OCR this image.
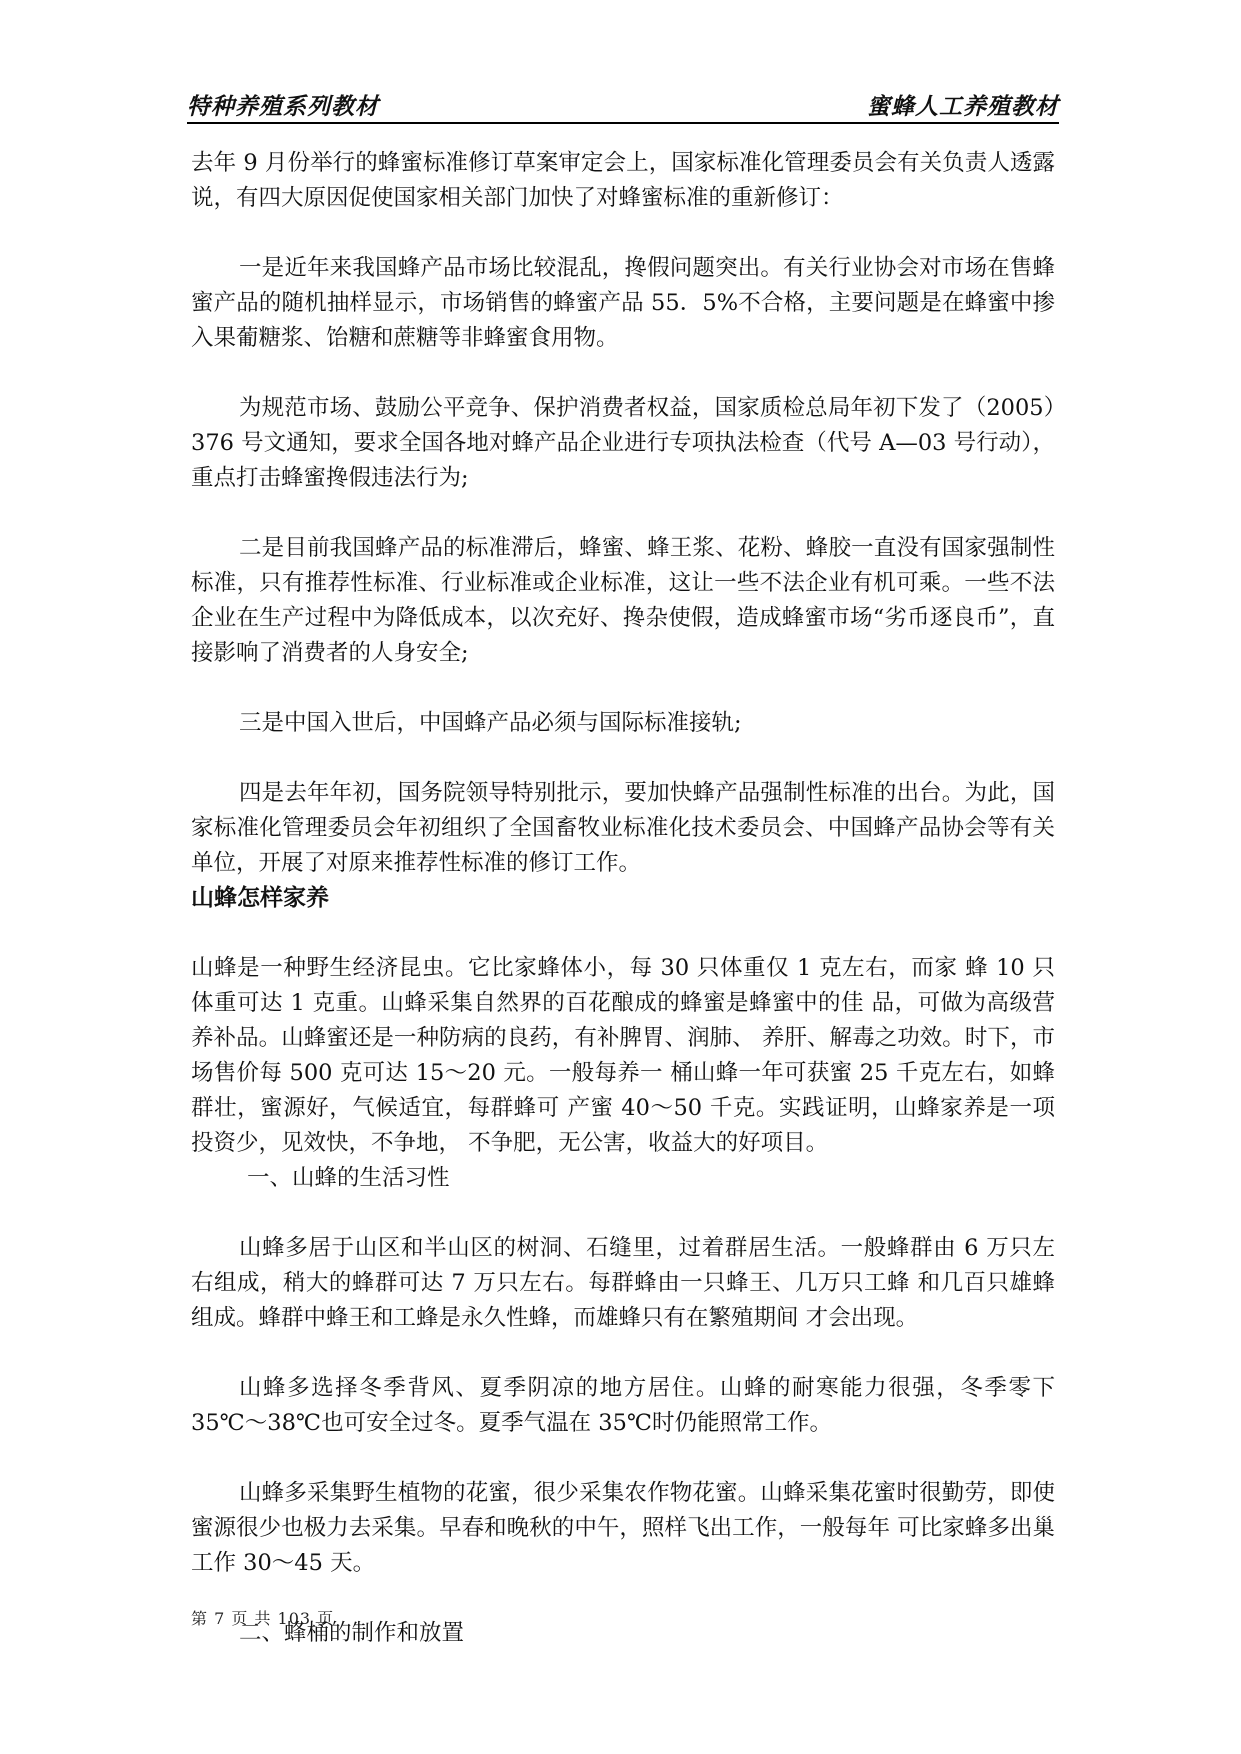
特种养殖系列教材	蜜蜂人工养殖教材

去年 9 月份举行的蜂蜜标准修订草案审定会上，国家标准化管理委员会有关负责人透露说，有四大原因促使国家相关部门加快了对蜂蜜标准的重新修订：

一是近年来我国蜂产品市场比较混乱，搀假问题突出。有关行业协会对市场在售蜂蜜产品的随机抽样显示，市场销售的蜂蜜产品 55．5%不合格，主要问题是在蜂蜜中掺入果葡糖浆、饴糖和蔗糖等非蜂蜜食用物。

为规范市场、鼓励公平竞争、保护消费者权益，国家质检总局年初下发了（2005）376 号文通知，要求全国各地对蜂产品企业进行专项执法检查（代号 A—03 号行动），重点打击蜂蜜搀假违法行为;

二是目前我国蜂产品的标准滞后，蜂蜜、蜂王浆、花粉、蜂胶一直没有国家强制性标准，只有推荐性标准、行业标准或企业标准，这让一些不法企业有机可乘。一些不法企业在生产过程中为降低成本，以次充好、搀杂使假，造成蜂蜜市场“劣币逐良币”，直接影响了消费者的人身安全;

三是中国入世后，中国蜂产品必须与国际标准接轨;

四是去年年初，国务院领导特别批示，要加快蜂产品强制性标准的出台。为此，国家标准化管理委员会年初组织了全国畜牧业标准化技术委员会、中国蜂产品协会等有关单位，开展了对原来推荐性标准的修订工作。

山蜂怎样家养

山蜂是一种野生经济昆虫。它比家蜂体小，每 30 只体重仅 1 克左右，而家 蜂 10 只体重可达 1 克重。山蜂采集自然界的百花酿成的蜂蜜是蜂蜜中的佳 品，可做为高级营养补品。山蜂蜜还是一种防病的良药，有补脾胃、润肺、 养肝、解毒之功效。时下，市场售价每 500 克可达 15～20 元。一般每养一 桶山蜂一年可获蜜 25 千克左右，如蜂群壮，蜜源好，气候适宜，每群蜂可 产蜜 40～50 千克。实践证明，山蜂家养是一项投资少，见效快，不争地， 不争肥，无公害，收益大的好项目。

一、山蜂的生活习性

山蜂多居于山区和半山区的树洞、石缝里，过着群居生活。一般蜂群由 6 万只左右组成，稍大的蜂群可达 7 万只左右。每群蜂由一只蜂王、几万只工蜂 和几百只雄蜂组成。蜂群中蜂王和工蜂是永久性蜂，而雄蜂只有在繁殖期间 才会出现。

山蜂多选择冬季背风、夏季阴凉的地方居住。山蜂的耐寒能力很强，冬季零下 35℃～38℃也可安全过冬。夏季气温在 35℃时仍能照常工作。

山蜂多采集野生植物的花蜜，很少采集农作物花蜜。山蜂采集花蜜时很勤劳，即使蜜源很少也极力去采集。早春和晚秋的中午，照样飞出工作，一般每年 可比家蜂多出巢工作 30～45 天。

二、蜂桶的制作和放置

第 7 页 共 103 页
